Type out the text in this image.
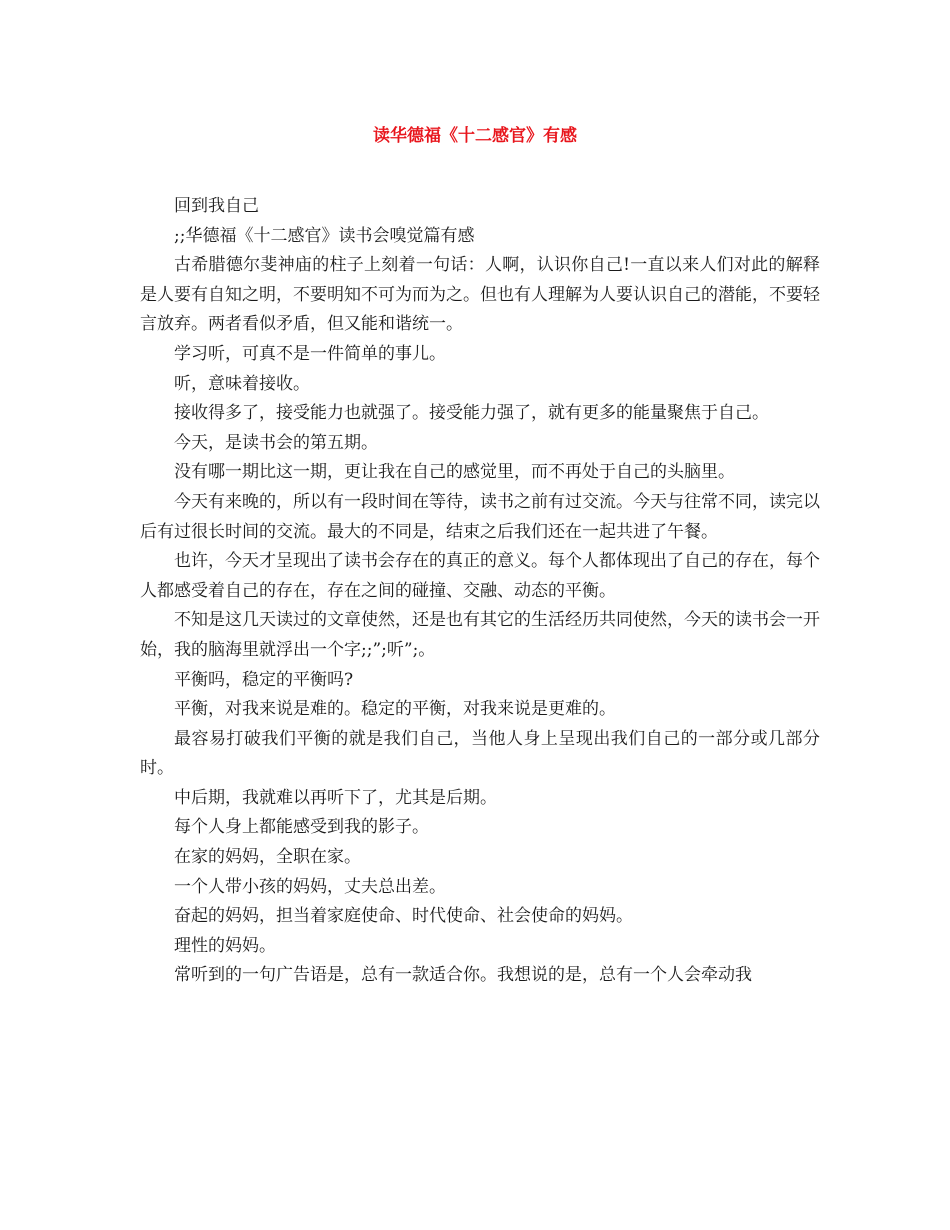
读华德福《十二感官》有感

回到我自己

;;华德福《十二感官》读书会嗅觉篇有感

古希腊德尔斐神庙的柱子上刻着一句话：人啊，认识你自己!一直以来人们对此的解释是人要有自知之明，不要明知不可为而为之。但也有人理解为人要认识自己的潜能，不要轻言放弃。两者看似矛盾，但又能和谐统一。

学习听，可真不是一件简单的事儿。

听，意味着接收。

接收得多了，接受能力也就强了。接受能力强了，就有更多的能量聚焦于自己。

今天，是读书会的第五期。

没有哪一期比这一期，更让我在自己的感觉里，而不再处于自己的头脑里。

今天有来晚的，所以有一段时间在等待，读书之前有过交流。今天与往常不同，读完以后有过很长时间的交流。最大的不同是，结束之后我们还在一起共进了午餐。

也许，今天才呈现出了读书会存在的真正的意义。每个人都体现出了自己的存在，每个人都感受着自己的存在，存在之间的碰撞、交融、动态的平衡。

不知是这几天读过的文章使然，还是也有其它的生活经历共同使然，今天的读书会一开始，我的脑海里就浮出一个字;;”;听”;。

平衡吗，稳定的平衡吗?

平衡，对我来说是难的。稳定的平衡，对我来说是更难的。

最容易打破我们平衡的就是我们自己，当他人身上呈现出我们自己的一部分或几部分时。

中后期，我就难以再听下了，尤其是后期。

每个人身上都能感受到我的影子。

在家的妈妈，全职在家。

一个人带小孩的妈妈，丈夫总出差。

奋起的妈妈，担当着家庭使命、时代使命、社会使命的妈妈。

理性的妈妈。

常听到的一句广告语是，总有一款适合你。我想说的是，总有一个人会牵动我
